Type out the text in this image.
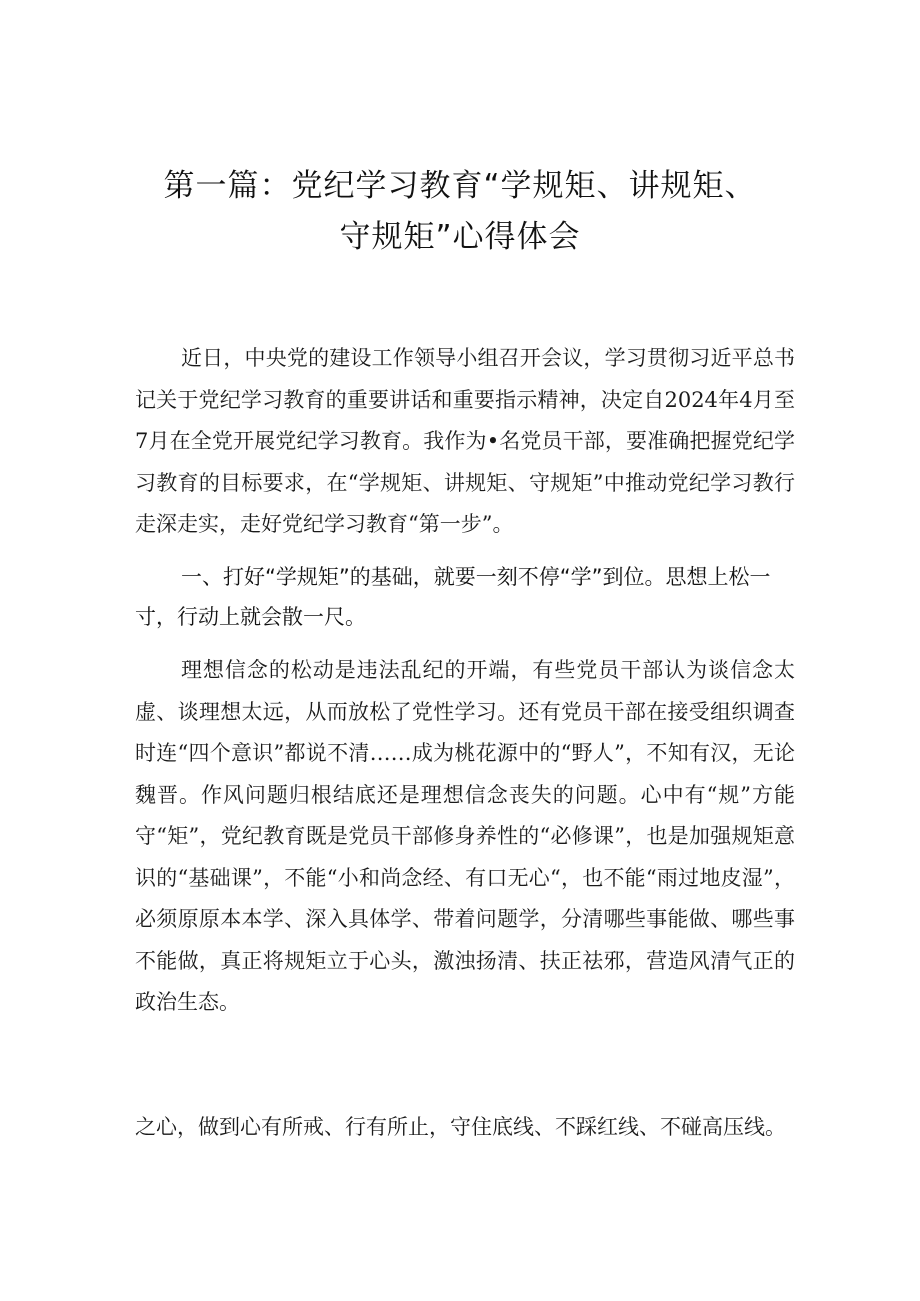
第一篇：党纪学习教育“学规矩、讲规矩、
守规矩”心得体会

近日，中央党的建设工作领导小组召开会议，学习贯彻习近平总书记关于党纪学习教育的重要讲话和重要指示精神，决定自2024年4月至7月在全党开展党纪学习教育。我作为•名党员干部，要准确把握党纪学习教育的目标要求，在“学规矩、讲规矩、守规矩”中推动党纪学习教行走深走实，走好党纪学习教育“第一步”。

一、打好“学规矩”的基础，就要一刻不停“学”到位。思想上松一寸，行动上就会散一尺。

理想信念的松动是违法乱纪的开端，有些党员干部认为谈信念太虚、谈理想太远，从而放松了党性学习。还有党员干部在接受组织调查时连“四个意识”都说不清……成为桃花源中的“野人”，不知有汉，无论魏晋。作风问题归根结底还是理想信念丧失的问题。心中有“规”方能守“矩”，党纪教育既是党员干部修身养性的“必修课”，也是加强规矩意识的“基础课”，不能“小和尚念经、有口无心“，也不能“雨过地皮湿”，必须原原本本学、深入具体学、带着问题学，分清哪些事能做、哪些事不能做，真正将规矩立于心头，激浊扬清、扶正祛邪，营造风清气正的政治生态。

之心，做到心有所戒、行有所止，守住底线、不踩红线、不碰高压线。
